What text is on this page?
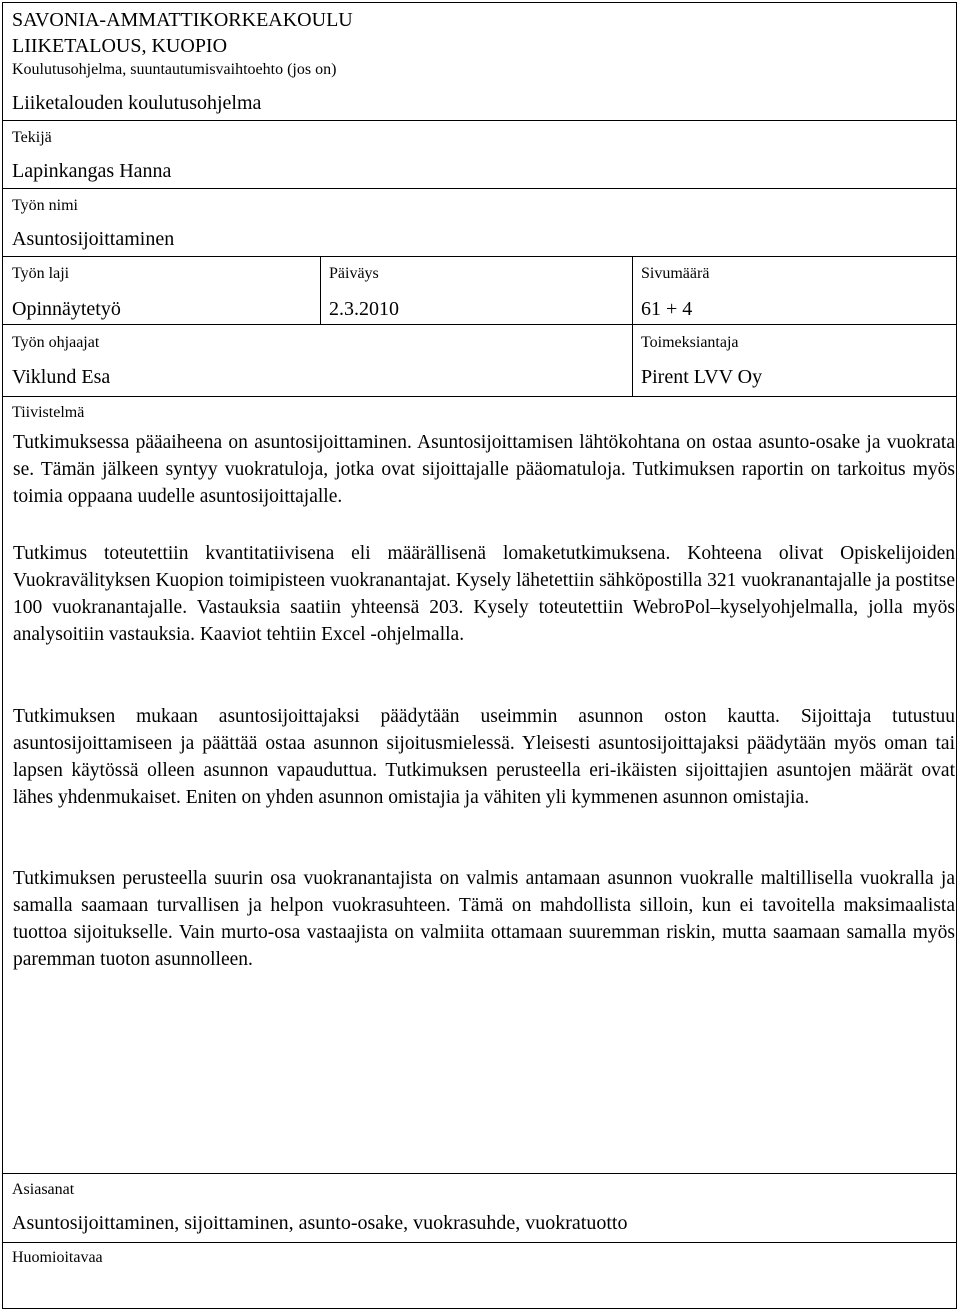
SAVONIA-AMMATTIKORKEAKOULU
LIIKETALOUS, KUOPIO
Koulutusohjelma, suuntautumisvaihtoehto (jos on)
Liiketalouden koulutusohjelma
Tekijä
Lapinkangas Hanna
Työn nimi
Asuntosijoittaminen
Työn laji
Opinnäytetyö
Päiväys
2.3.2010
Sivumäärä
61 + 4
Työn ohjaajat
Viklund Esa
Toimeksiantaja
Pirent LVV Oy
Tiivistelmä

Tutkimuksessa pääaiheena on asuntosijoittaminen. Asuntosijoittamisen lähtökohtana on ostaa asunto-osake ja vuokrata se. Tämän jälkeen syntyy vuokratuloja, jotka ovat sijoittajalle pääomatuloja. Tutkimuksen raportin on tarkoitus myös toimia oppaana uudelle asuntosijoittajalle.

Tutkimus toteutettiin kvantitatiivisena eli määrällisenä lomaketutkimuksena. Kohteena olivat Opiskelijoiden Vuokravälityksen Kuopion toimipisteen vuokranantajat. Kysely lähetettiin sähköpostilla 321 vuokranantajalle ja postitse 100 vuokranantajalle. Vastauksia saatiin yhteensä 203. Kysely toteutettiin WebroPol–kyselyohjelmalla, jolla myös analysoitiin vastauksia. Kaaviot tehtiin Excel -ohjelmalla.

Tutkimuksen mukaan asuntosijoittajaksi päädytään useimmin asunnon oston kautta. Sijoittaja tutustuu asuntosijoittamiseen ja päättää ostaa asunnon sijoitusmielessä. Yleisesti asuntosijoittajaksi päädytään myös oman tai lapsen käytössä olleen asunnon vapauduttua. Tutkimuksen perusteella eri-ikäisten sijoittajien asuntojen määrät ovat lähes yhdenmukaiset. Eniten on yhden asunnon omistajia ja vähiten yli kymmenen asunnon omistajia.

Tutkimuksen perusteella suurin osa vuokranantajista on valmis antamaan asunnon vuokralle maltillisella vuokralla ja samalla saamaan turvallisen ja helpon vuokrasuhteen. Tämä on mahdollista silloin, kun ei tavoitella maksimaalista tuottoa sijoitukselle. Vain murto-osa vastaajista on valmiita ottamaan suuremman riskin, mutta saamaan samalla myös paremman tuoton asunnolleen.

Asiasanat
Asuntosijoittaminen, sijoittaminen, asunto-osake, vuokrasuhde, vuokratuotto
Huomioitavaa
